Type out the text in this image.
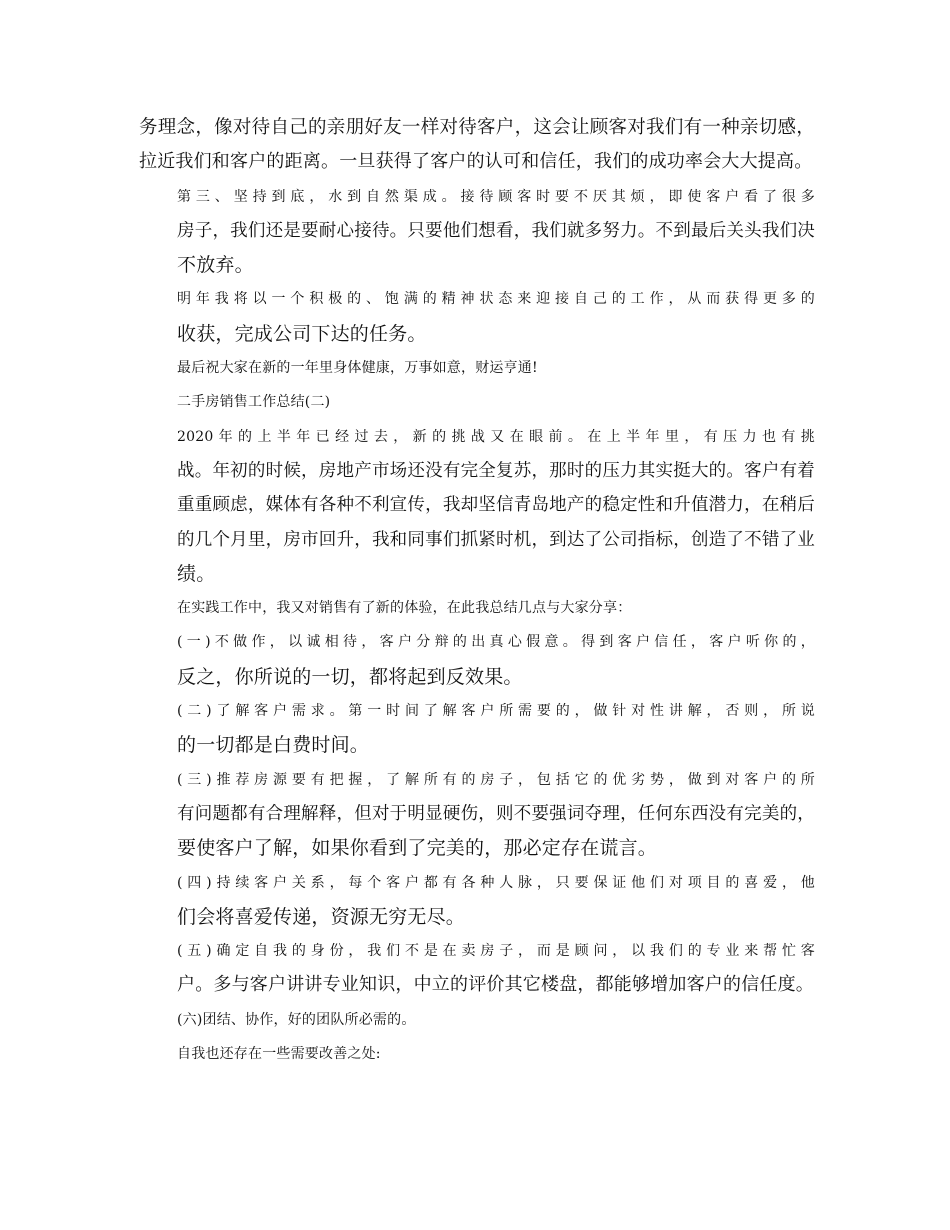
务理念，像对待自己的亲朋好友一样对待客户，这会让顾客对我们有一种亲切感，
拉近我们和客户的距离。一旦获得了客户的认可和信任，我们的成功率会大大提高。
第三、坚持到底，水到自然渠成。接待顾客时要不厌其烦，即使客户看了很多
房子，我们还是要耐心接待。只要他们想看，我们就多努力。不到最后关头我们决
不放弃。
明年我将以一个积极的、饱满的精神状态来迎接自己的工作，从而获得更多的
收获，完成公司下达的任务。
最后祝大家在新的一年里身体健康，万事如意，财运亨通!
二手房销售工作总结(二)
2020年的上半年已经过去，新的挑战又在眼前。在上半年里，有压力也有挑
战。年初的时候，房地产市场还没有完全复苏，那时的压力其实挺大的。客户有着
重重顾虑，媒体有各种不利宣传，我却坚信青岛地产的稳定性和升值潜力，在稍后
的几个月里，房市回升，我和同事们抓紧时机，到达了公司指标，创造了不错了业
绩。
在实践工作中，我又对销售有了新的体验，在此我总结几点与大家分享：
(一)不做作，以诚相待，客户分辩的出真心假意。得到客户信任，客户听你的，
反之，你所说的一切，都将起到反效果。
(二)了解客户需求。第一时间了解客户所需要的，做针对性讲解，否则，所说
的一切都是白费时间。
(三)推荐房源要有把握，了解所有的房子，包括它的优劣势，做到对客户的所
有问题都有合理解释，但对于明显硬伤，则不要强词夺理，任何东西没有完美的，
要使客户了解，如果你看到了完美的，那必定存在谎言。
(四)持续客户关系，每个客户都有各种人脉，只要保证他们对项目的喜爱，他
们会将喜爱传递，资源无穷无尽。
(五)确定自我的身份，我们不是在卖房子，而是顾问，以我们的专业来帮忙客
户。多与客户讲讲专业知识，中立的评价其它楼盘，都能够增加客户的信任度。
(六)团结、协作，好的团队所必需的。
自我也还存在一些需要改善之处:
